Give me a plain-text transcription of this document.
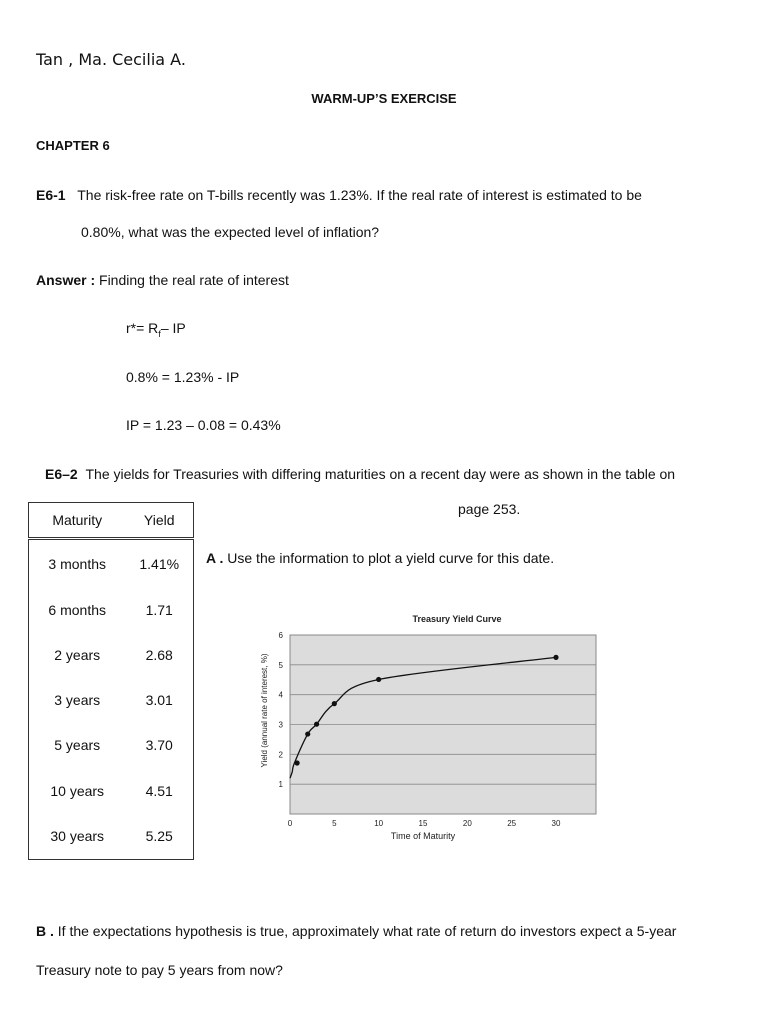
Tan , Ma. Cecilia A.
WARM-UP’S EXERCISE
CHAPTER 6
E6-1 The risk-free rate on T-bills recently was 1.23%. If the real rate of interest is estimated to be
0.80%, what was the expected level of inflation?
Answer : Finding the real rate of interest
$r*= R_f-$ IP
0.8% = 1.23% - IP
IP = 1.23 – 0.08 = 0.43%
E6–2 The yields for Treasuries with differing maturities on a recent day were as shown in the table on
page 253.
Maturity	Yield
3 months	1.41%
6 months	1.71
2 years	2.68
3 years	3.01
5 years	3.70
10 years	4.51
30 years	5.25
A . Use the information to plot a yield curve for this date.
0	5	10	15	20	25	30
1
2
3
4
5
6
Treasury Yield Curve
Time of Maturity
Yield (annual rate of interest, %)
B . If the expectations hypothesis is true, approximately what rate of return do investors expect a 5-year
Treasury note to pay 5 years from now?
